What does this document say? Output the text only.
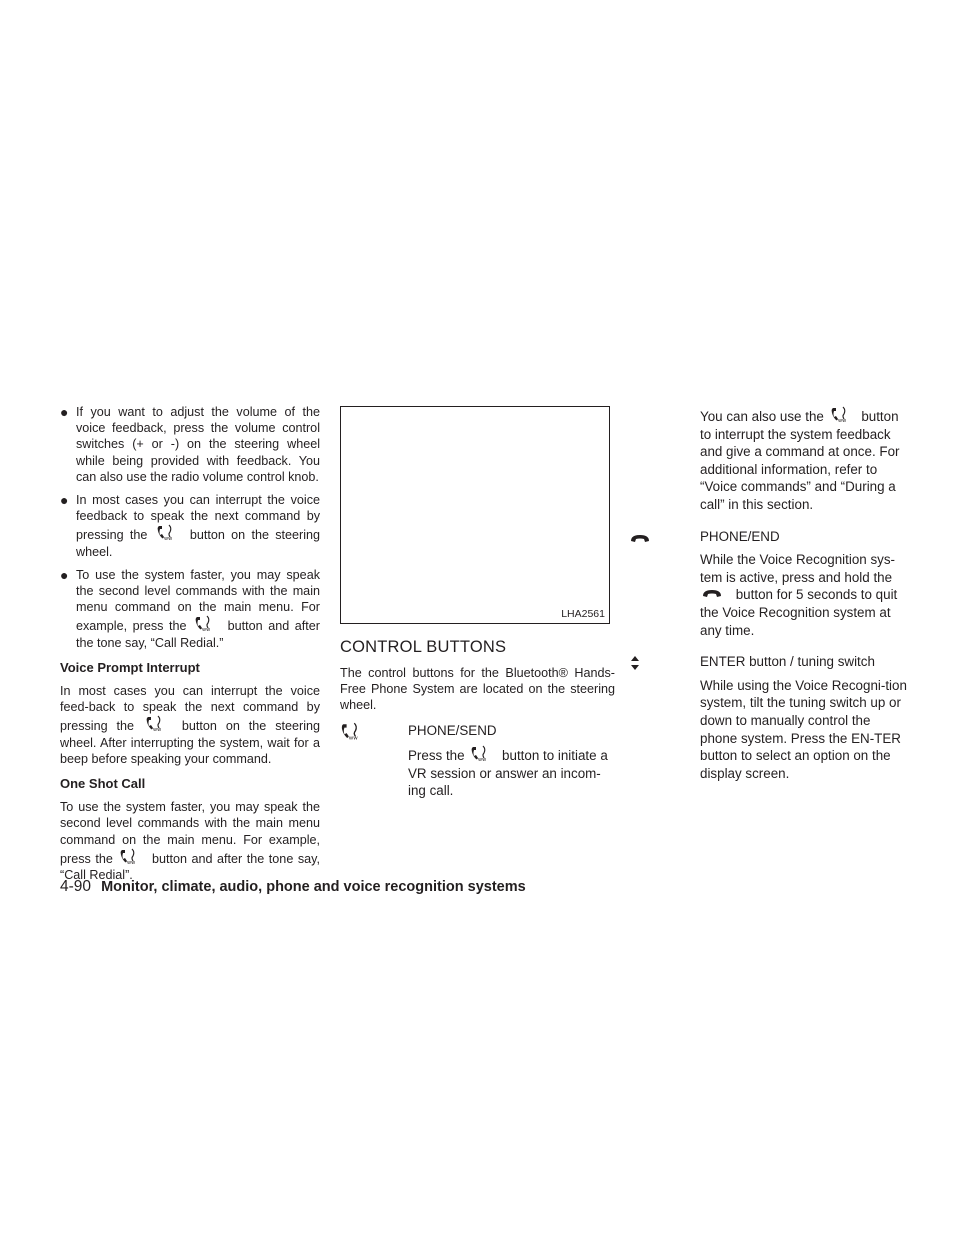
● If you want to adjust the volume of the voice feedback, press the volume control switches (+ or -) on the steering wheel while being provided with feedback. You can also use the radio volume control knob.
● In most cases you can interrupt the voice feedback to speak the next command by pressing the	ww button on the steering wheel.
● To use the system faster, you may speak the second level commands with the main menu command on the main menu. For example, press the	ww button and after the tone say, “Call Redial.”
Voice Prompt Interrupt

In most cases you can interrupt the voice feed-back to speak the next command by pressing the	ww button on the steering wheel. After interrupting the system, wait for a beep before speaking your command.

One Shot Call

To use the system faster, you may speak the second level commands with the main menu command on the main menu. For example, press the	ww button and after the tone say, “Call Redial”.

LHA2561
CONTROL BUTTONS

The control buttons for the Bluetooth® Hands-Free Phone System are located on the steering wheel.

ww
PHONE/SEND
Press the	ww button to initiate a VR session or answer an incom-ing call.
You can also use the	ww button to interrupt the system feedback and give a command at once. For additional information, refer to “Voice commands” and “During a call” in this section.
PHONE/END
While the Voice Recognition sys-tem is active, press and hold the  button for 5 seconds to quit the Voice Recognition system at any time.
ENTER button / tuning switch
While using the Voice Recogni-tion system, tilt the tuning switch up or down to manually control the phone system. Press the EN-TER button to select an option on the display screen.
4-90 Monitor, climate, audio, phone and voice recognition systems
